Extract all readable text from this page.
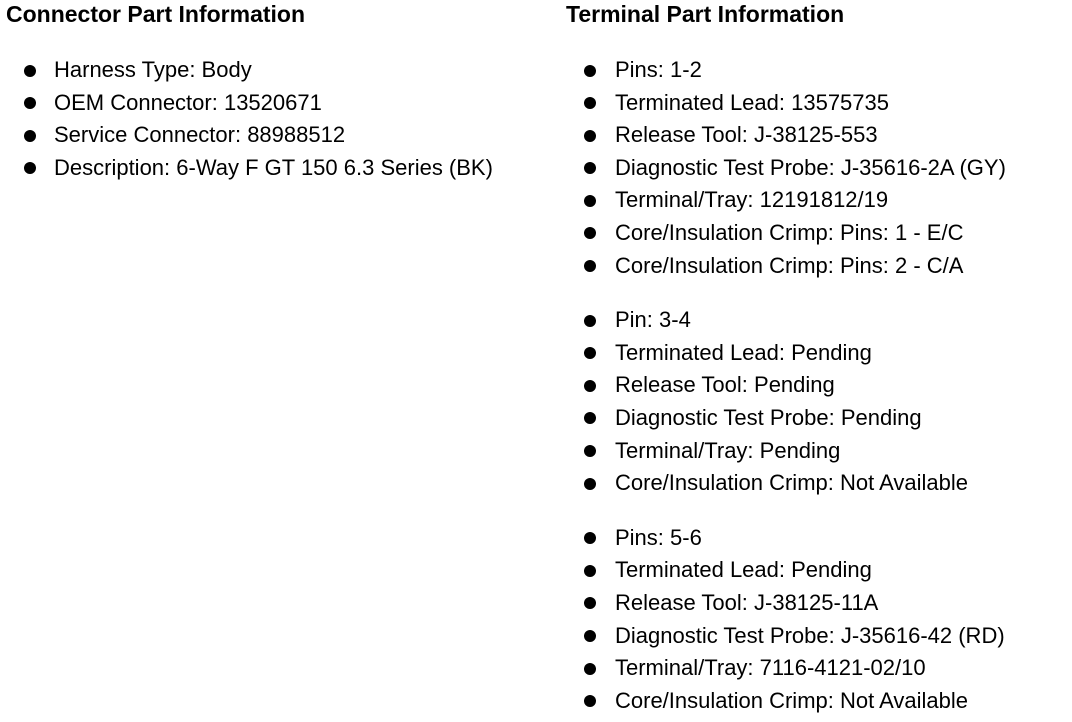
Connector Part Information
Harness Type: Body
OEM Connector: 13520671
Service Connector: 88988512
Description: 6-Way F GT 150 6.3 Series (BK)
Terminal Part Information
Pins: 1-2
Terminated Lead: 13575735
Release Tool: J-38125-553
Diagnostic Test Probe: J-35616-2A (GY)
Terminal/Tray: 12191812/19
Core/Insulation Crimp: Pins: 1 - E/C
Core/Insulation Crimp: Pins: 2 - C/A
Pin: 3-4
Terminated Lead: Pending
Release Tool: Pending
Diagnostic Test Probe: Pending
Terminal/Tray: Pending
Core/Insulation Crimp: Not Available
Pins: 5-6
Terminated Lead: Pending
Release Tool: J-38125-11A
Diagnostic Test Probe: J-35616-42 (RD)
Terminal/Tray: 7116-4121-02/10
Core/Insulation Crimp: Not Available
